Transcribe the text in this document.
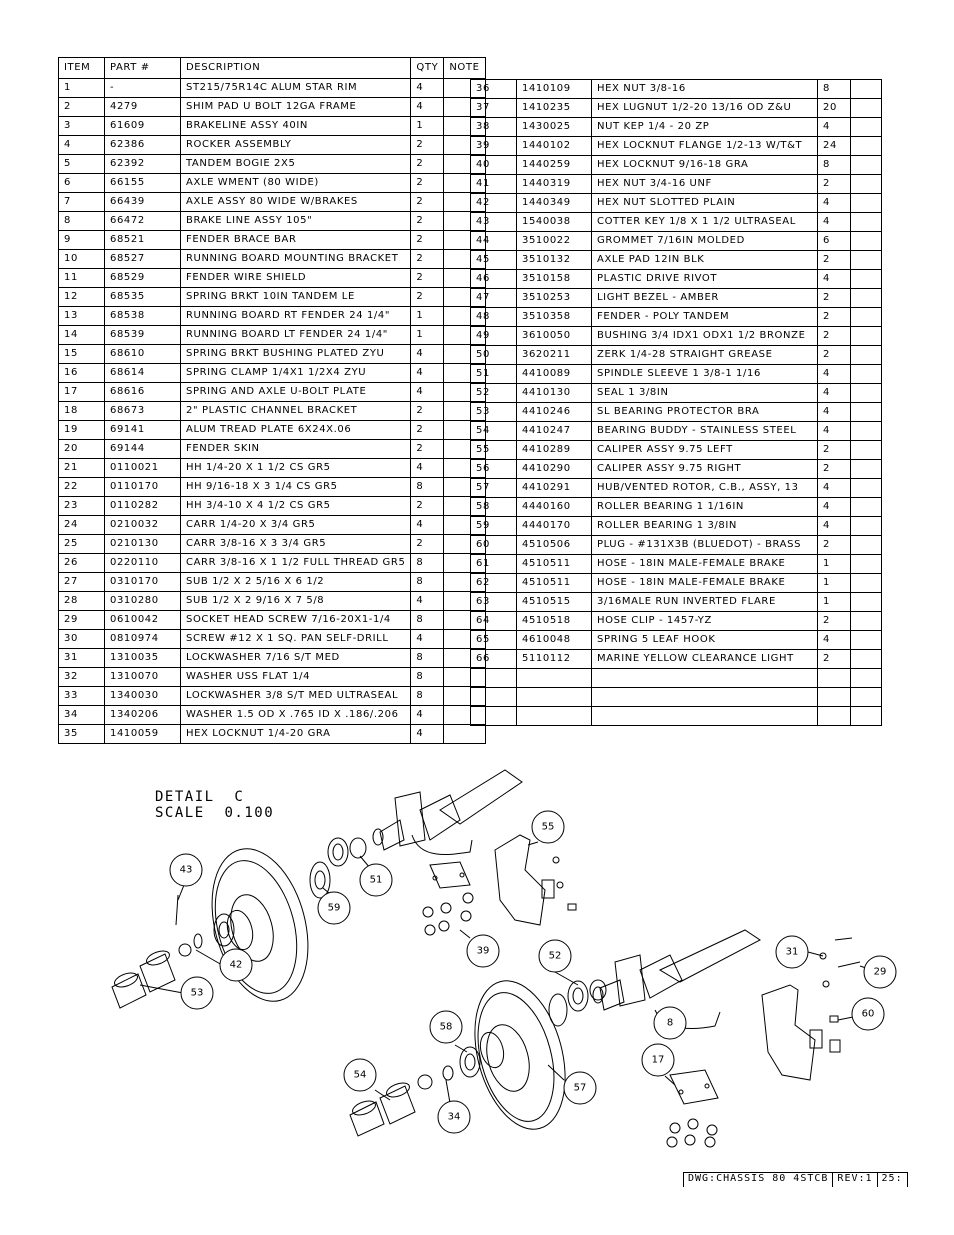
ITEM	PART #	DESCRIPTION	QTY	NOTE
1	-	ST215/75R14C ALUM STAR RIM	4	
2	4279	SHIM PAD U BOLT 12GA FRAME	4	
3	61609	BRAKELINE ASSY 40IN	1	
4	62386	ROCKER ASSEMBLY	2	
5	62392	TANDEM BOGIE 2X5	2	
6	66155	AXLE WMENT (80 WIDE)	2	
7	66439	AXLE ASSY 80 WIDE W/BRAKES	2	
8	66472	BRAKE LINE ASSY 105"	2	
9	68521	FENDER BRACE BAR	2	
10	68527	RUNNING BOARD MOUNTING BRACKET	2	
11	68529	FENDER WIRE SHIELD	2	
12	68535	SPRING BRKT 10IN TANDEM LE	2	
13	68538	RUNNING BOARD RT FENDER 24 1/4"	1	
14	68539	RUNNING BOARD LT FENDER 24 1/4"	1	
15	68610	SPRING BRKT BUSHING PLATED ZYU	4	
16	68614	SPRING CLAMP 1/4X1 1/2X4 ZYU	4	
17	68616	SPRING AND AXLE U-BOLT PLATE	4	
18	68673	2" PLASTIC CHANNEL BRACKET	2	
19	69141	ALUM TREAD PLATE 6X24X.06	2	
20	69144	FENDER SKIN	2	
21	0110021	HH 1/4-20 X 1 1/2 CS GR5	4	
22	0110170	HH 9/16-18 X 3 1/4 CS GR5	8	
23	0110282	HH 3/4-10 X 4 1/2 CS GR5	2	
24	0210032	CARR 1/4-20 X 3/4 GR5	4	
25	0210130	CARR 3/8-16 X 3 3/4 GR5	2	
26	0220110	CARR 3/8-16 X 1 1/2 FULL THREAD GR5	8	
27	0310170	SUB 1/2 X 2 5/16 X 6 1/2	8	
28	0310280	SUB 1/2 X 2 9/16 X 7 5/8	4	
29	0610042	SOCKET HEAD SCREW 7/16-20X1-1/4	8	
30	0810974	SCREW #12 X 1 SQ. PAN SELF-DRILL	4	
31	1310035	LOCKWASHER 7/16 S/T MED	8	
32	1310070	WASHER USS FLAT 1/4	8	
33	1340030	LOCKWASHER 3/8 S/T MED ULTRASEAL	8	
34	1340206	WASHER 1.5 OD X .765 ID X .186/.206	4	
35	1410059	HEX LOCKNUT 1/4-20 GRA	4	
36	1410109	HEX NUT 3/8-16	8	
37	1410235	HEX LUGNUT 1/2-20 13/16 OD Z&U	20	
38	1430025	NUT KEP 1/4 - 20 ZP	4	
39	1440102	HEX LOCKNUT FLANGE 1/2-13 W/T&T	24	
40	1440259	HEX LOCKNUT 9/16-18 GRA	8	
41	1440319	HEX NUT 3/4-16 UNF	2	
42	1440349	HEX NUT SLOTTED PLAIN	4	
43	1540038	COTTER KEY 1/8 X 1 1/2 ULTRASEAL	4	
44	3510022	GROMMET 7/16IN MOLDED	6	
45	3510132	AXLE PAD 12IN BLK	2	
46	3510158	PLASTIC DRIVE RIVOT	4	
47	3510253	LIGHT BEZEL - AMBER	2	
48	3510358	FENDER - POLY TANDEM	2	
49	3610050	BUSHING 3/4 IDX1 ODX1 1/2 BRONZE	2	
50	3620211	ZERK 1/4-28 STRAIGHT GREASE	2	
51	4410089	SPINDLE SLEEVE 1 3/8-1 1/16	4	
52	4410130	SEAL 1 3/8IN	4	
53	4410246	SL BEARING PROTECTOR BRA	4	
54	4410247	BEARING BUDDY - STAINLESS STEEL	4	
55	4410289	CALIPER ASSY 9.75 LEFT	2	
56	4410290	CALIPER ASSY 9.75 RIGHT	2	
57	4410291	HUB/VENTED ROTOR, C.B., ASSY, 13	4	
58	4440160	ROLLER BEARING 1 1/16IN	4	
59	4440170	ROLLER BEARING 1 3/8IN	4	
60	4510506	PLUG - #131X3B (BLUEDOT) - BRASS	2	
61	4510511	HOSE - 18IN MALE-FEMALE BRAKE	1	
62	4510511	HOSE - 18IN MALE-FEMALE BRAKE	1	
63	4510515	3/16MALE RUN INVERTED FLARE	1	
64	4510518	HOSE CLIP - 1457-YZ	2	
65	4610048	SPRING 5 LEAF HOOK	4	
66	5110112	MARINE YELLOW CLEARANCE LIGHT	2	

DETAIL  C
SCALE  0.100
43
42
53
59
51
55
39	52	31
29
8
60
58
17
54
34
57
DWG:CHASSIS 80 4STCB REV:1 25:
